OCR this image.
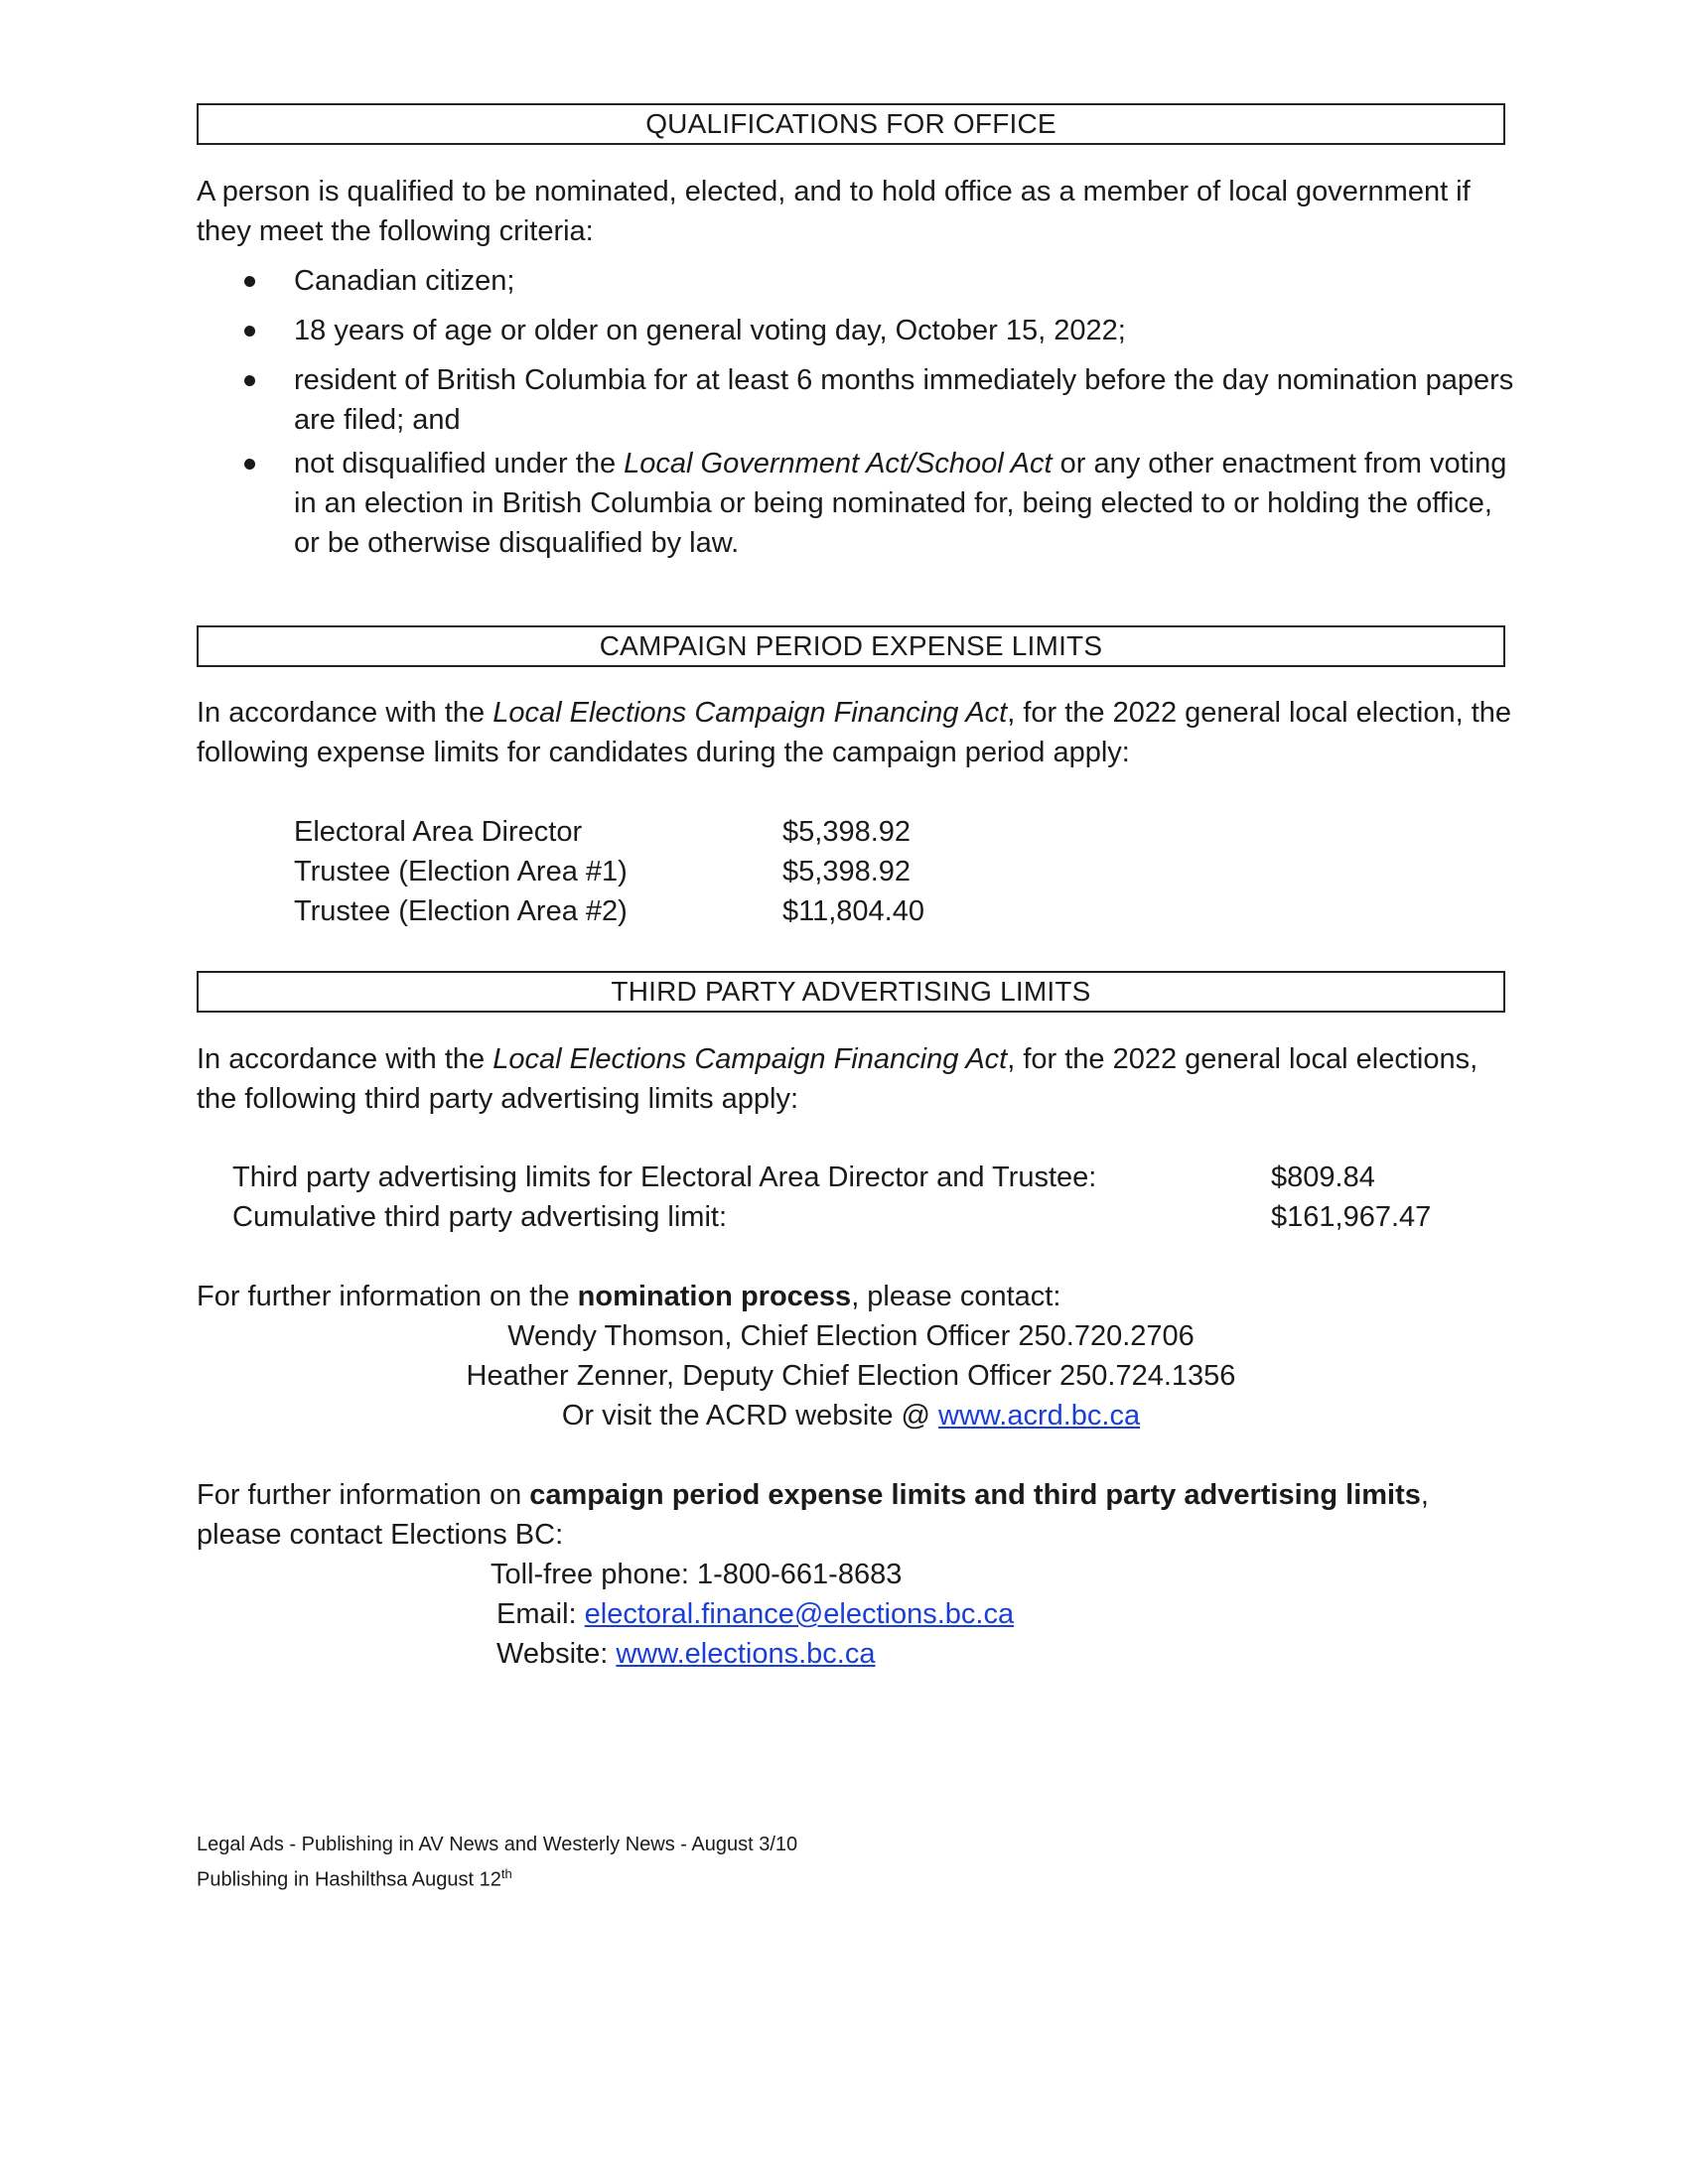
QUALIFICATIONS FOR OFFICE
A person is qualified to be nominated, elected, and to hold office as a member of local government if they meet the following criteria:
Canadian citizen;
18 years of age or older on general voting day, October 15, 2022;
resident of British Columbia for at least 6 months immediately before the day nomination papers are filed; and
not disqualified under the Local Government Act/School Act or any other enactment from voting in an election in British Columbia or being nominated for, being elected to or holding the office, or be otherwise disqualified by law.
CAMPAIGN PERIOD EXPENSE LIMITS
In accordance with the Local Elections Campaign Financing Act, for the 2022 general local election, the following expense limits for candidates during the campaign period apply:
Electoral Area Director	$5,398.92
Trustee (Election Area #1)	$5,398.92
Trustee (Election Area #2)	$11,804.40
THIRD PARTY ADVERTISING LIMITS
In accordance with the Local Elections Campaign Financing Act, for the 2022 general local elections, the following third party advertising limits apply:
Third party advertising limits for Electoral Area Director and Trustee:	$809.84
Cumulative third party advertising limit:	$161,967.47
For further information on the nomination process, please contact:
Wendy Thomson, Chief Election Officer 250.720.2706
Heather Zenner, Deputy Chief Election Officer 250.724.1356
Or visit the ACRD website @ www.acrd.bc.ca
For further information on campaign period expense limits and third party advertising limits, please contact Elections BC:
Toll-free phone: 1-800-661-8683
Email: electoral.finance@elections.bc.ca
Website: www.elections.bc.ca
Legal Ads - Publishing in AV News and Westerly News - August 3/10
Publishing in Hashilthsa August 12th
